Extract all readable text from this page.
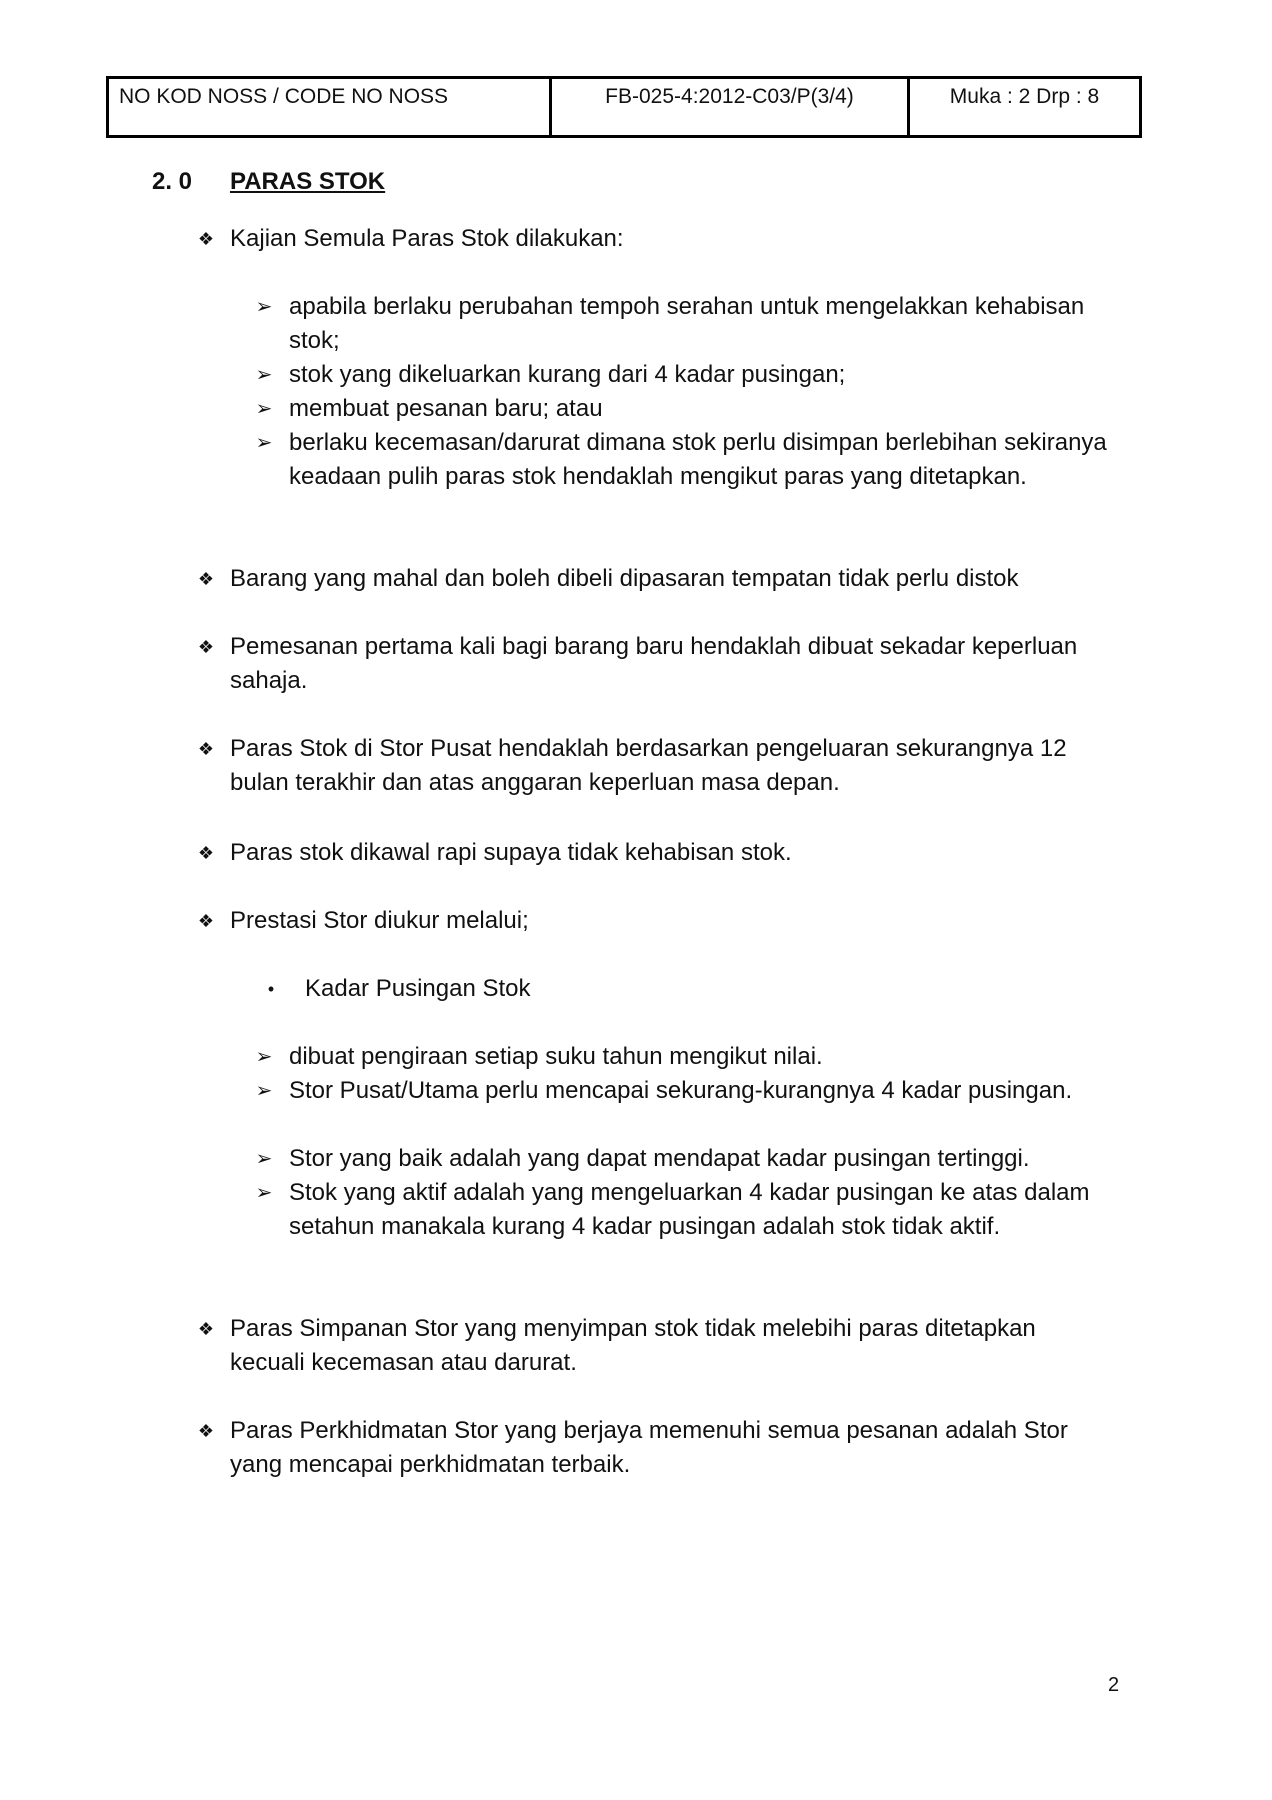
NO KOD NOSS / CODE NO NOSS	FB-025-4:2012-C03/P(3/4)	Muka : 2 Drp : 8
2. 0 PARAS STOK
❖ Kajian Semula Paras Stok dilakukan:
➢ apabila berlaku perubahan tempoh serahan untuk mengelakkan kehabisan stok;
➢ stok yang dikeluarkan kurang dari 4 kadar pusingan;
➢ membuat pesanan baru; atau
➢ berlaku kecemasan/darurat dimana stok perlu disimpan berlebihan sekiranya keadaan pulih paras stok hendaklah mengikut paras yang ditetapkan.
❖ Barang yang mahal dan boleh dibeli dipasaran tempatan tidak perlu distok
❖ Pemesanan pertama kali bagi barang baru hendaklah dibuat sekadar keperluan sahaja.
❖ Paras Stok di Stor Pusat hendaklah berdasarkan pengeluaran sekurangnya 12 bulan terakhir dan atas anggaran keperluan masa depan.
❖ Paras stok dikawal rapi supaya tidak kehabisan stok.
❖ Prestasi Stor diukur melalui;
• Kadar Pusingan Stok
➢ dibuat pengiraan setiap suku tahun mengikut nilai.
➢ Stor Pusat/Utama perlu mencapai sekurang-kurangnya 4 kadar pusingan.
➢ Stor yang baik adalah yang dapat mendapat kadar pusingan tertinggi.
➢ Stok yang aktif adalah yang mengeluarkan 4 kadar pusingan ke atas dalam setahun manakala kurang 4 kadar pusingan adalah stok tidak aktif.
❖ Paras Simpanan Stor yang menyimpan stok tidak melebihi paras ditetapkan kecuali kecemasan atau darurat.
❖ Paras Perkhidmatan Stor yang berjaya memenuhi semua pesanan adalah Stor yang mencapai perkhidmatan terbaik.
2
